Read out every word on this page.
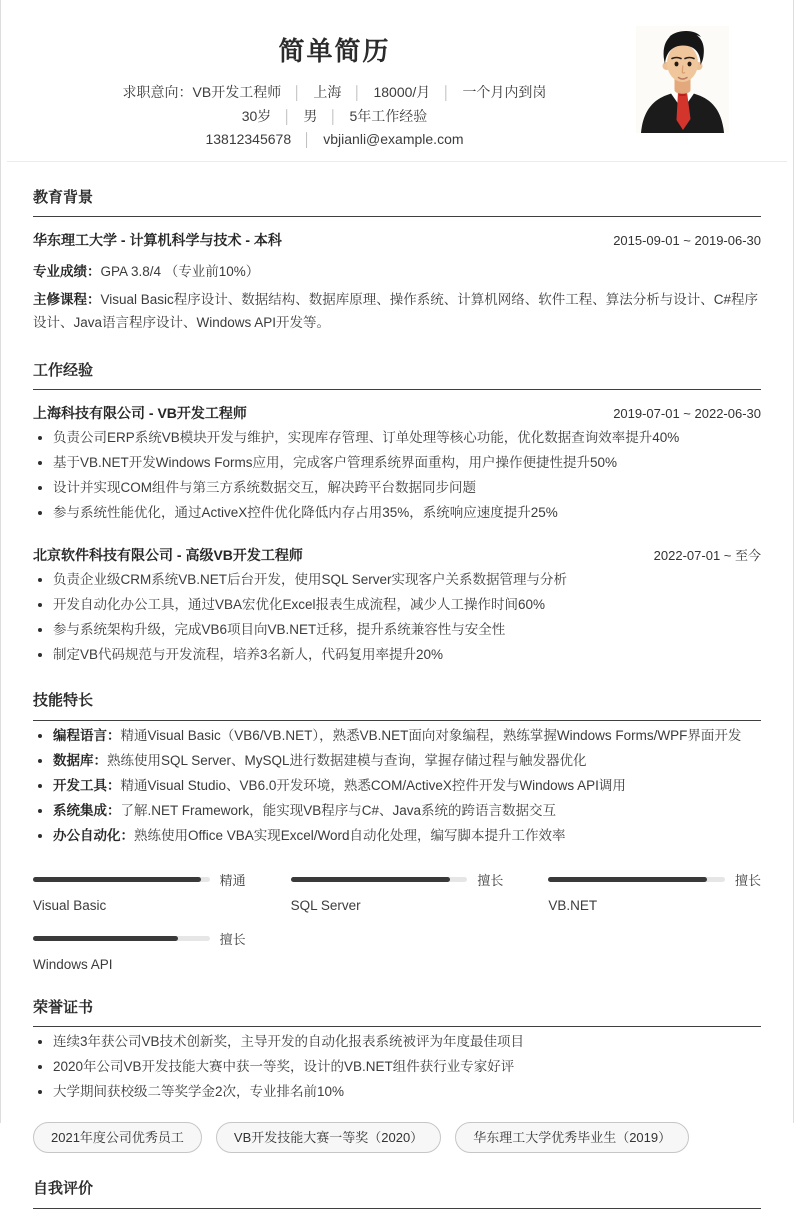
简单简历
求职意向：VB开发工程师 │ 上海 │ 18000/月 │ 一个月内到岗
30岁 │ 男 │ 5年工作经验
13812345678 │ vbjianli@example.com
教育背景
华东理工大学 - 计算机科学与技术 - 本科	2015-09-01 ~ 2019-06-30
专业成绩：GPA 3.8/4 （专业前10%）
主修课程：Visual Basic程序设计、数据结构、数据库原理、操作系统、计算机网络、软件工程、算法分析与设计、C#程序设计、Java语言程序设计、Windows API开发等。
工作经验
上海科技有限公司 - VB开发工程师	2019-07-01 ~ 2022-06-30
负责公司ERP系统VB模块开发与维护，实现库存管理、订单处理等核心功能，优化数据查询效率提升40%
基于VB.NET开发Windows Forms应用，完成客户管理系统界面重构，用户操作便捷性提升50%
设计并实现COM组件与第三方系统数据交互，解决跨平台数据同步问题
参与系统性能优化，通过ActiveX控件优化降低内存占用35%，系统响应速度提升25%
北京软件科技有限公司 - 高级VB开发工程师	2022-07-01 ~ 至今
负责企业级CRM系统VB.NET后台开发，使用SQL Server实现客户关系数据管理与分析
开发自动化办公工具，通过VBA宏优化Excel报表生成流程，减少人工操作时间60%
参与系统架构升级，完成VB6项目向VB.NET迁移，提升系统兼容性与安全性
制定VB代码规范与开发流程，培养3名新人，代码复用率提升20%
技能特长
编程语言：精通Visual Basic（VB6/VB.NET），熟悉VB.NET面向对象编程，熟练掌握Windows Forms/WPF界面开发
数据库：熟练使用SQL Server、MySQL进行数据建模与查询，掌握存储过程与触发器优化
开发工具：精通Visual Studio、VB6.0开发环境，熟悉COM/ActiveX控件开发与Windows API调用
系统集成：了解.NET Framework，能实现VB程序与C#、Java系统的跨语言数据交互
办公自动化：熟练使用Office VBA实现Excel/Word自动化处理，编写脚本提升工作效率
精通
Visual Basic
擅长
SQL Server
擅长
VB.NET
擅长
Windows API
荣誉证书
连续3年获公司VB技术创新奖，主导开发的自动化报表系统被评为年度最佳项目
2020年公司VB开发技能大赛中获一等奖，设计的VB.NET组件获行业专家好评
大学期间获校级二等奖学金2次，专业排名前10%
2021年度公司优秀员工	VB开发技能大赛一等奖（2020）	华东理工大学优秀毕业生（2019）
自我评价
